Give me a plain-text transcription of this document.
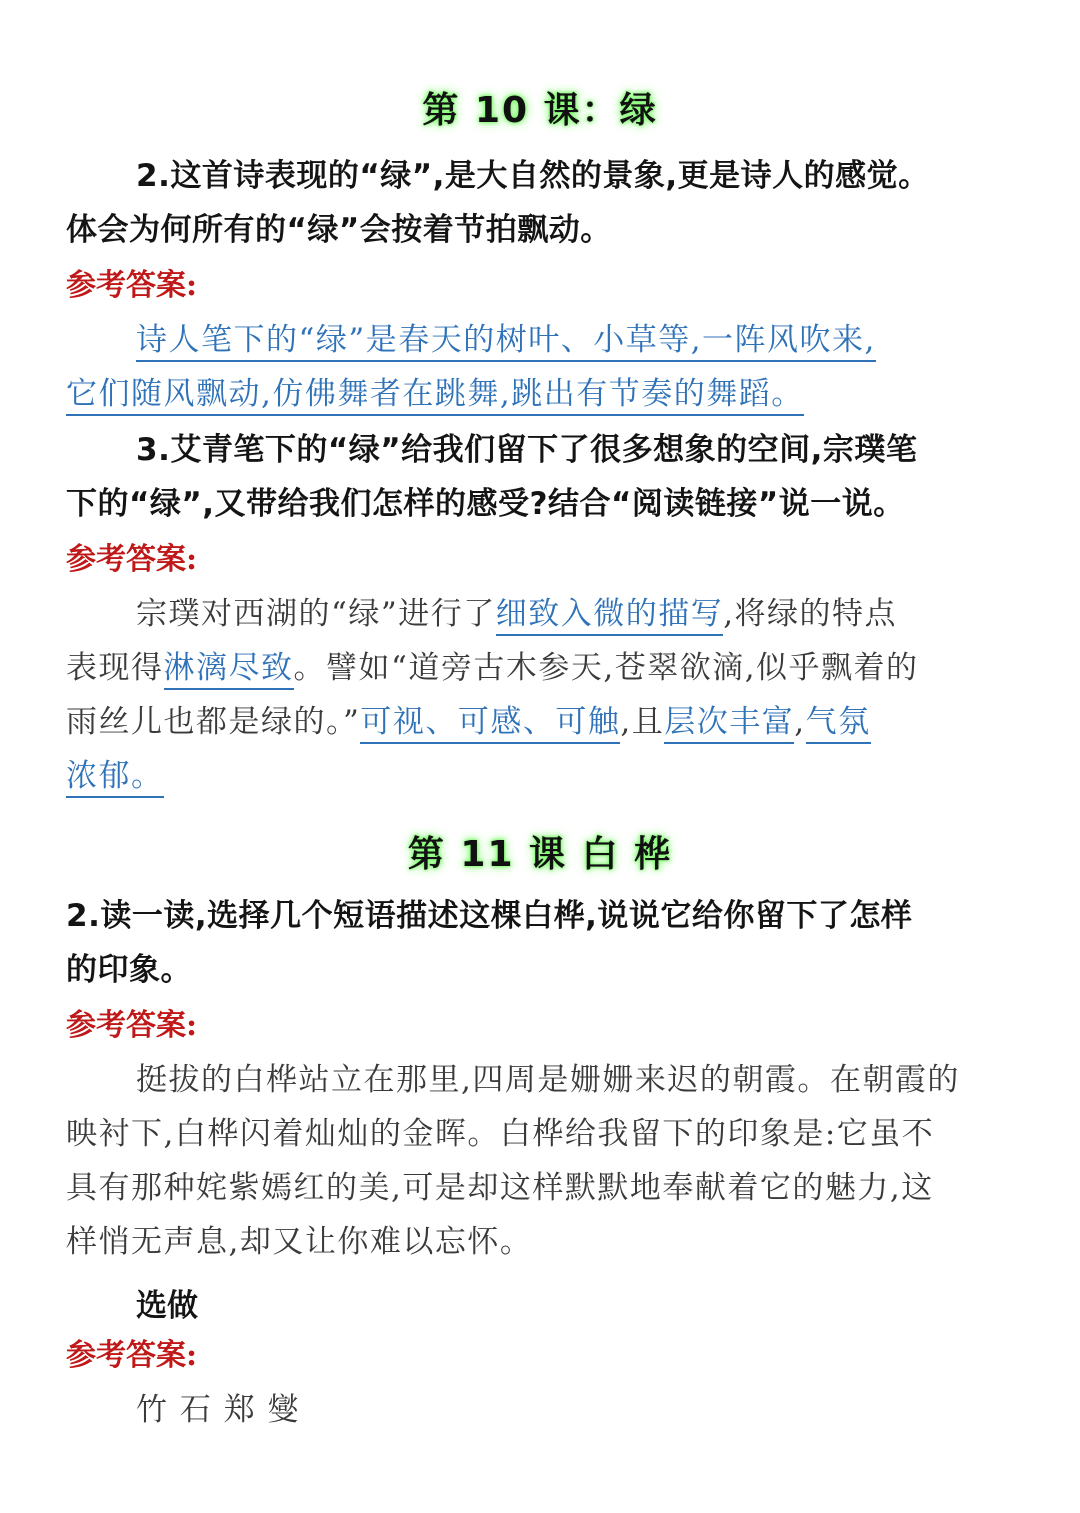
第 10 课：绿
2.这首诗表现的“绿”,是大自然的景象,更是诗人的感觉。
体会为何所有的“绿”会按着节拍飘动。
参考答案:
诗人笔下的“绿”是春天的树叶、小草等,一阵风吹来,
它们随风飘动,仿佛舞者在跳舞,跳出有节奏的舞蹈。
3.艾青笔下的“绿”给我们留下了很多想象的空间,宗璞笔
下的“绿”,又带给我们怎样的感受?结合“阅读链接”说一说。
参考答案:
宗璞对西湖的“绿”进行了细致入微的描写,将绿的特点
表现得淋漓尽致。譬如“道旁古木参天,苍翠欲滴,似乎飘着的
雨丝儿也都是绿的。”可视、可感、可触,且层次丰富,气氛
浓郁。
第 11 课 白 桦
2.读一读,选择几个短语描述这棵白桦,说说它给你留下了怎样
的印象。
参考答案:
挺拔的白桦站立在那里,四周是姗姗来迟的朝霞。在朝霞的
映衬下,白桦闪着灿灿的金晖。白桦给我留下的印象是:它虽不
具有那种姹紫嫣红的美,可是却这样默默地奉献着它的魅力,这
样悄无声息,却又让你难以忘怀。
选做
参考答案:
竹 石 郑 燮
